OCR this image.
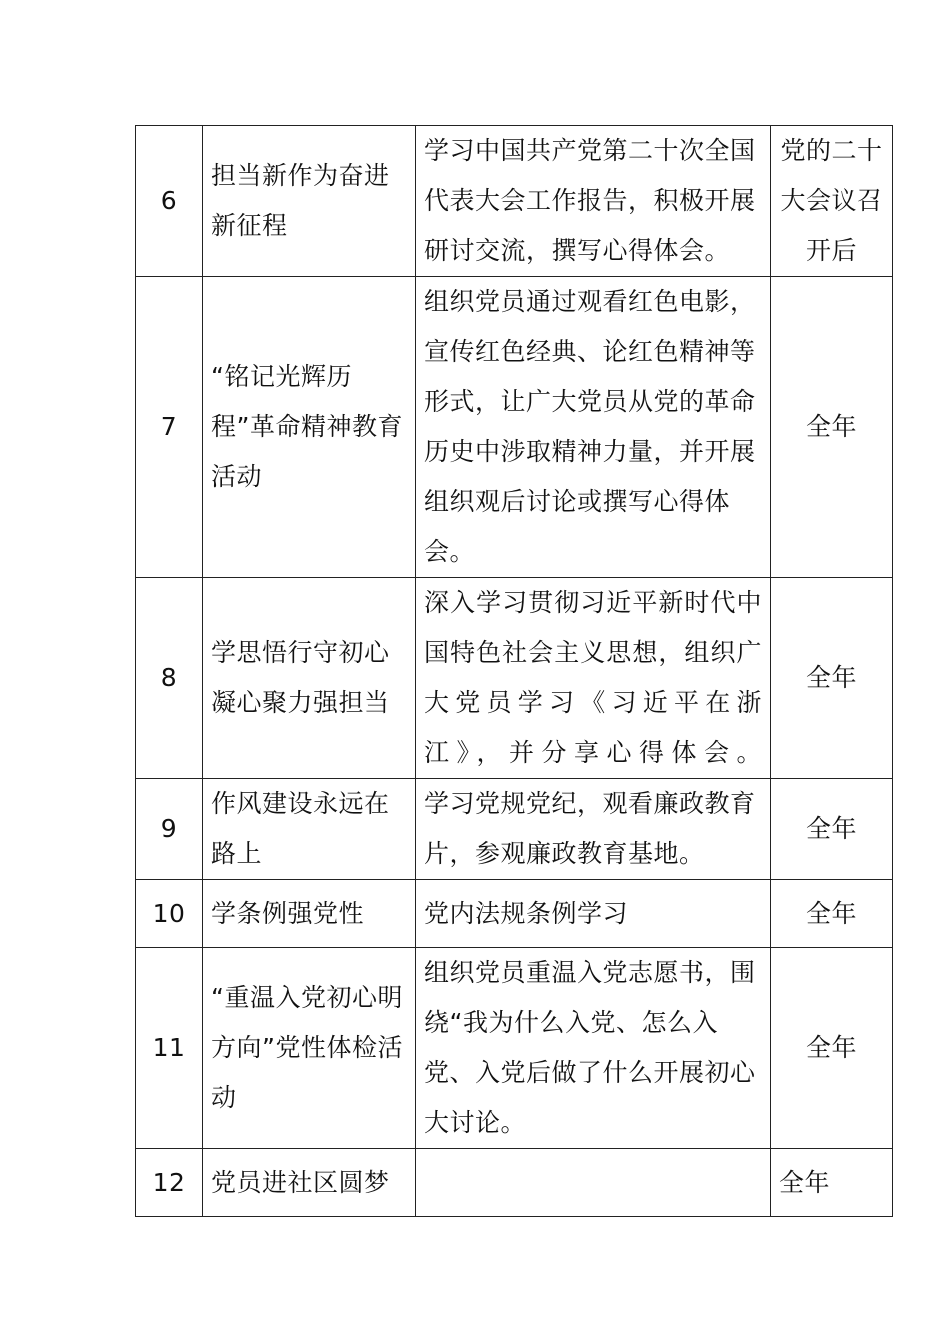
6	担当新作为奋进新征程	学习中国共产党第二十次全国代表大会工作报告，积极开展研讨交流，撰写心得体会。	党的二十大会议召开后
7	“铭记光辉历程”革命精神教育活动	组织党员通过观看红色电影，宣传红色经典、论红色精神等形式，让广大党员从党的革命历史中涉取精神力量，并开展组织观后讨论或撰写心得体会。	全年
8	学思悟行守初心凝心聚力强担当	深入学习贯彻习近平新时代中国特色社会主义思想，组织广大党员学习《习近平在浙江》，并分享心得体会。	全年
9	作风建设永远在路上	学习党规党纪，观看廉政教育片，参观廉政教育基地。	全年
10	学条例强党性	党内法规条例学习	全年
11	“重温入党初心明方向”党性体检活动	组织党员重温入党志愿书，围绕“我为什么入党、怎么入党、入党后做了什么开展初心大讨论。	全年
12	党员进社区圆梦		全年
